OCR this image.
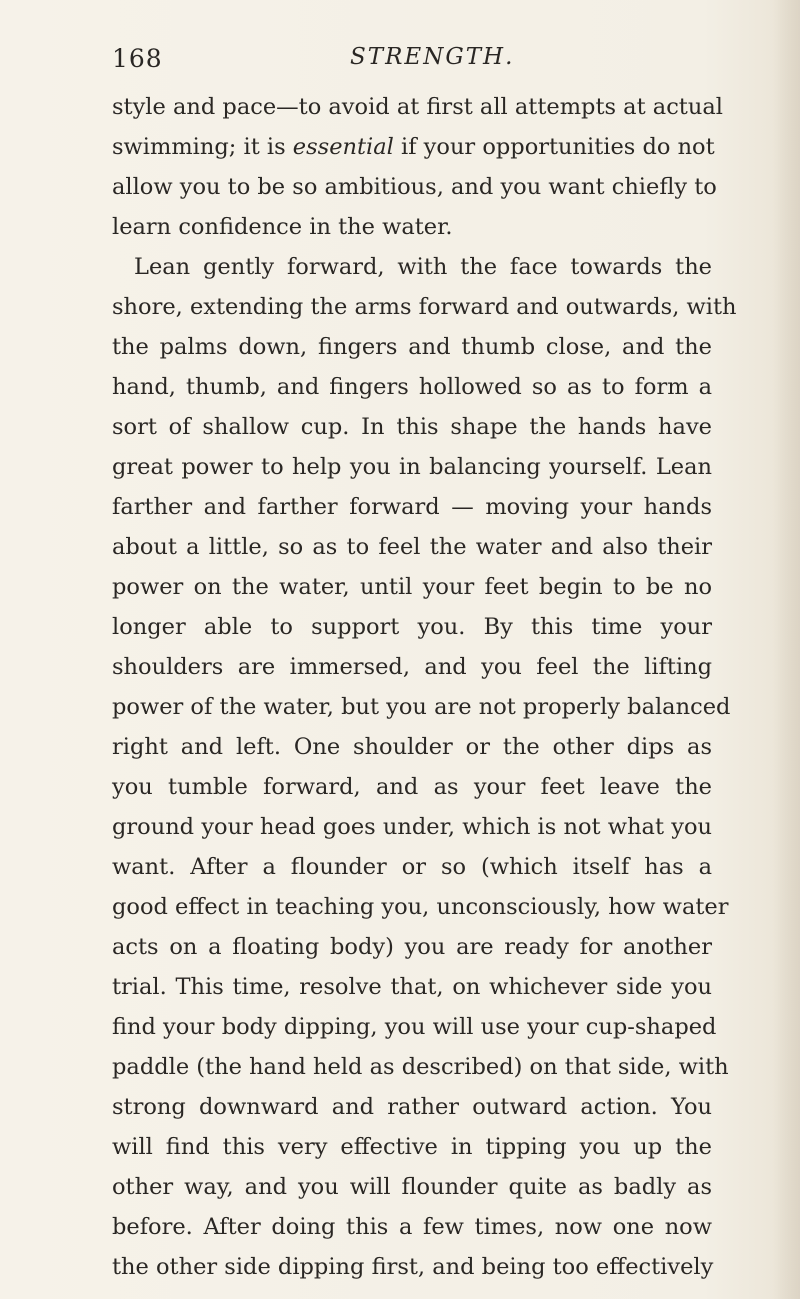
168	STRENGTH.
style and pace—to avoid at first all attempts at actual
swimming; it is essential if your opportunities do not
allow you to be so ambitious, and you want chiefly to
learn confidence in the water.
Lean gently forward, with the face towards the
shore, extending the arms forward and outwards, with
the palms down, fingers and thumb close, and the
hand, thumb, and fingers hollowed so as to form a
sort of shallow cup. In this shape the hands have
great power to help you in balancing yourself. Lean
farther and farther forward — moving your hands
about a little, so as to feel the water and also their
power on the water, until your feet begin to be no
longer able to support you. By this time your
shoulders are immersed, and you feel the lifting
power of the water, but you are not properly balanced
right and left. One shoulder or the other dips as
you tumble forward, and as your feet leave the
ground your head goes under, which is not what you
want. After a flounder or so (which itself has a
good effect in teaching you, unconsciously, how water
acts on a floating body) you are ready for another
trial. This time, resolve that, on whichever side you
find your body dipping, you will use your cup-shaped
paddle (the hand held as described) on that side, with
strong downward and rather outward action. You
will find this very effective in tipping you up the
other way, and you will flounder quite as badly as
before. After doing this a few times, now one now
the other side dipping first, and being too effectively
